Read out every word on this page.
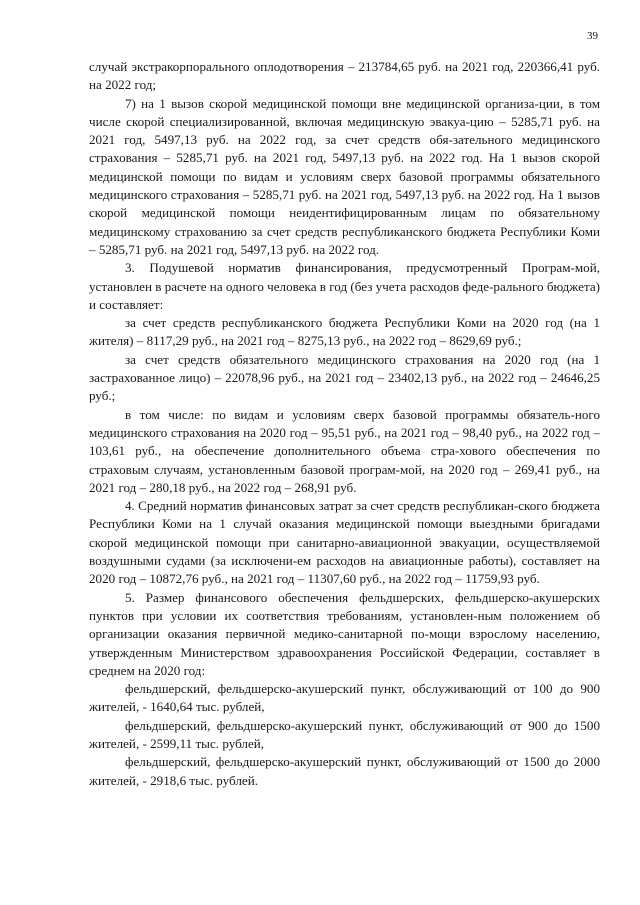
39

случай экстракорпорального оплодотворения – 213784,65 руб. на 2021 год, 220366,41 руб. на 2022 год;

7) на 1 вызов скорой медицинской помощи вне медицинской организа-ции, в том числе скорой специализированной, включая медицинскую эвакуа-цию – 5285,71 руб. на 2021 год, 5497,13 руб. на 2022 год, за счет средств обя-зательного медицинского страхования – 5285,71 руб. на 2021 год, 5497,13 руб. на 2022 год. На 1 вызов скорой медицинской помощи по видам и условиям сверх базовой программы обязательного медицинского страхования – 5285,71 руб. на 2021 год, 5497,13 руб. на 2022 год. На 1 вызов скорой медицинской помощи неидентифицированным лицам по обязательному медицинскому страхованию за счет средств республиканского бюджета Республики Коми – 5285,71 руб. на 2021 год, 5497,13 руб. на 2022 год.

3. Подушевой норматив финансирования, предусмотренный Програм-мой, установлен в расчете на одного человека в год (без учета расходов феде-рального бюджета) и составляет:

за счет средств республиканского бюджета Республики Коми на 2020 год (на 1 жителя) – 8117,29 руб., на 2021 год – 8275,13 руб., на 2022 год – 8629,69 руб.;

за счет средств обязательного медицинского страхования на 2020 год (на 1 застрахованное лицо) – 22078,96 руб., на 2021 год – 23402,13 руб., на 2022 год – 24646,25 руб.;

в том числе: по видам и условиям сверх базовой программы обязатель-ного медицинского страхования на 2020 год – 95,51 руб., на 2021 год – 98,40 руб., на 2022 год – 103,61 руб., на обеспечение дополнительного объема стра-хового обеспечения по страховым случаям, установленным базовой програм-мой, на 2020 год – 269,41 руб., на 2021 год – 280,18 руб., на 2022 год – 268,91 руб.

4. Средний норматив финансовых затрат за счет средств республикан-ского бюджета Республики Коми на 1 случай оказания медицинской помощи выездными бригадами скорой медицинской помощи при санитарно-авиационной эвакуации, осуществляемой воздушными судами (за исключени-ем расходов на авиационные работы), составляет на 2020 год – 10872,76 руб., на 2021 год – 11307,60 руб., на 2022 год – 11759,93 руб.

5. Размер финансового обеспечения фельдшерских, фельдшерско-акушерских пунктов при условии их соответствия требованиям, установлен-ным положением об организации оказания первичной медико-санитарной по-мощи взрослому населению, утвержденным Министерством здравоохранения Российской Федерации, составляет в среднем на 2020 год:

фельдшерский, фельдшерско-акушерский пункт, обслуживающий от 100 до 900 жителей, - 1640,64 тыс. рублей,

фельдшерский, фельдшерско-акушерский пункт, обслуживающий от 900 до 1500 жителей, - 2599,11 тыс. рублей,

фельдшерский, фельдшерско-акушерский пункт, обслуживающий от 1500 до 2000 жителей, - 2918,6 тыс. рублей.
